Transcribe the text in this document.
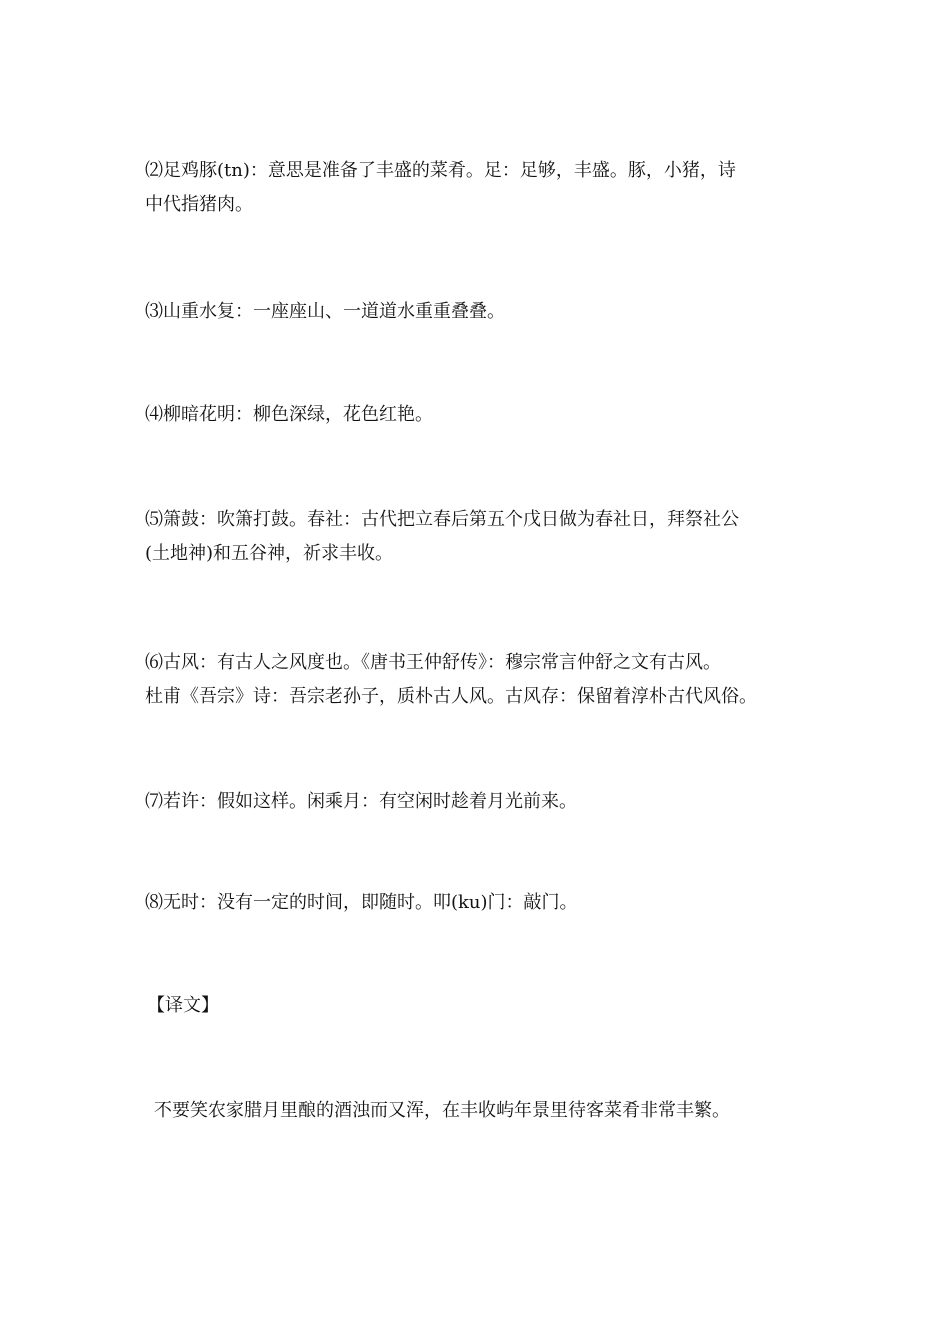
⑵足鸡豚(tn)：意思是准备了丰盛的菜肴。足：足够，丰盛。豚，小猪，诗
中代指猪肉。
⑶山重水复：一座座山、一道道水重重叠叠。
⑷柳暗花明：柳色深绿，花色红艳。
⑸箫鼓：吹箫打鼓。春社：古代把立春后第五个戊日做为春社日，拜祭社公
(土地神)和五谷神，祈求丰收。
⑹古风：有古人之风度也。《唐书王仲舒传》：穆宗常言仲舒之文有古风。
杜甫《吾宗》诗：吾宗老孙子，质朴古人风。古风存：保留着淳朴古代风俗。
⑺若许：假如这样。闲乘月：有空闲时趁着月光前来。
⑻无时：没有一定的时间，即随时。叩(ku)门：敲门。
【译文】
不要笑农家腊月里酿的酒浊而又浑，在丰收屿年景里待客菜肴非常丰繁。
